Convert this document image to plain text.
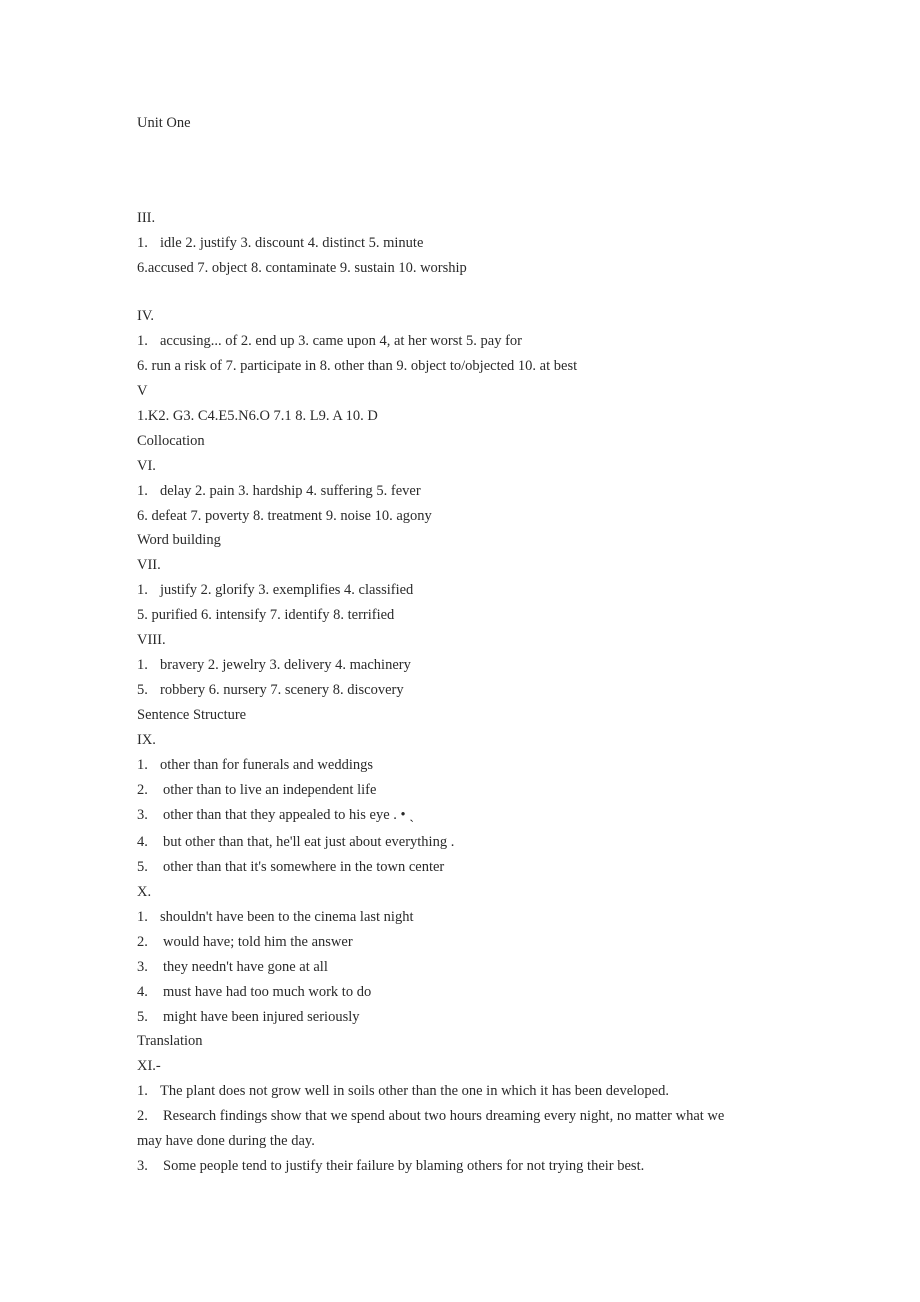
Unit One
III.
1. idle 2. justify 3. discount 4. distinct 5. minute
6.accused 7. object 8. contaminate 9. sustain 10. worship
IV.
1. accusing... of 2. end up 3. came upon 4, at her worst 5. pay for
6. run a risk of 7. participate in 8. other than 9. object to/objected 10. at best
V
1.K2. G3. C4.E5.N6.O 7.1 8. L9. A 10. D
Collocation
VI.
1. delay 2. pain 3. hardship 4. suffering 5. fever
6. defeat 7. poverty 8. treatment 9. noise 10. agony
Word building
VII.
1. justify 2. glorify 3. exemplifies 4. classified
5. purified 6. intensify 7. identify 8. terrified
VIII.
1. bravery 2. jewelry 3. delivery 4. machinery
5. robbery 6. nursery 7. scenery 8. discovery
Sentence Structure
IX.
1. other than for funerals and weddings
2. other than to live an independent life
3. other than that they appealed to his eye . • ˎ
4. but other than that, he'll eat just about everything .
5. other than that it's somewhere in the town center
X.
1. shouldn't have been to the cinema last night
2. would have; told him the answer
3. they needn't have gone at all
4. must have had too much work to do
5. might have been injured seriously
Translation
XI.-
1. The plant does not grow well in soils other than the one in which it has been developed.
2. Research findings show that we spend about two hours dreaming every night, no matter what we
may have done during the day.
3. Some people tend to justify their failure by blaming others for not trying their best.
